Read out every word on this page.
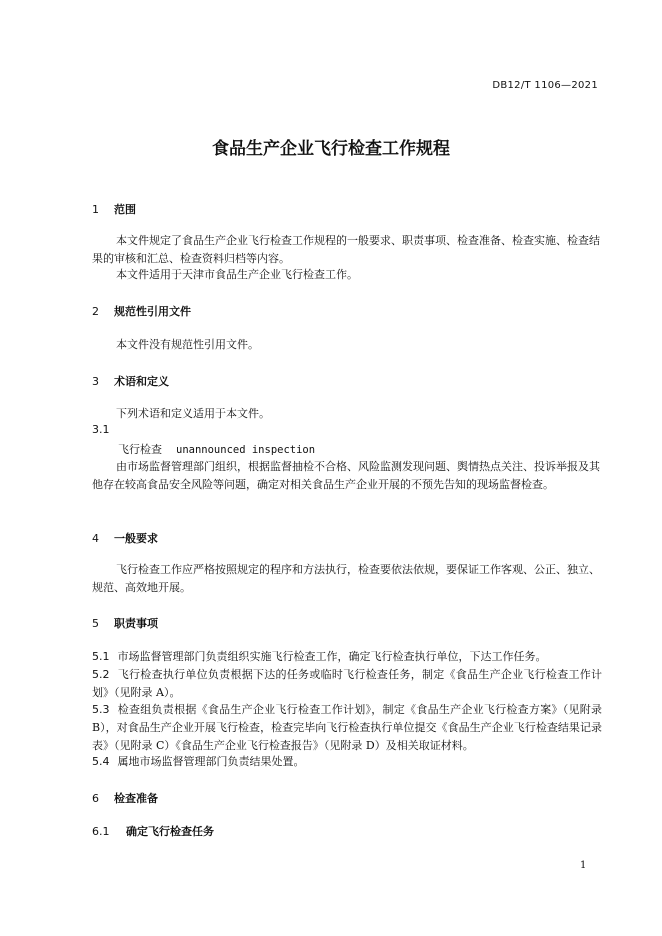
DB12/T 1106—2021
食品生产企业飞行检查工作规程
1 范围
本文件规定了食品生产企业飞行检查工作规程的一般要求、职责事项、检查准备、检查实施、检查结果的审核和汇总、检查资料归档等内容。
本文件适用于天津市食品生产企业飞行检查工作。
2 规范性引用文件
本文件没有规范性引用文件。
3 术语和定义
下列术语和定义适用于本文件。
3.1
飞行检查 unannounced inspection
由市场监督管理部门组织，根据监督抽检不合格、风险监测发现问题、舆情热点关注、投诉举报及其他存在较高食品安全风险等问题，确定对相关食品生产企业开展的不预先告知的现场监督检查。
4 一般要求
飞行检查工作应严格按照规定的程序和方法执行，检查要依法依规，要保证工作客观、公正、独立、规范、高效地开展。
5 职责事项
5.1 市场监督管理部门负责组织实施飞行检查工作，确定飞行检查执行单位，下达工作任务。
5.2 飞行检查执行单位负责根据下达的任务或临时飞行检查任务，制定《食品生产企业飞行检查工作计划》（见附录 A）。
5.3 检查组负责根据《食品生产企业飞行检查工作计划》，制定《食品生产企业飞行检查方案》（见附录 B），对食品生产企业开展飞行检查，检查完毕向飞行检查执行单位提交《食品生产企业飞行检查结果记录表》（见附录 C）《食品生产企业飞行检查报告》（见附录 D）及相关取证材料。
5.4 属地市场监督管理部门负责结果处置。
6 检查准备
6.1 确定飞行检查任务
1
